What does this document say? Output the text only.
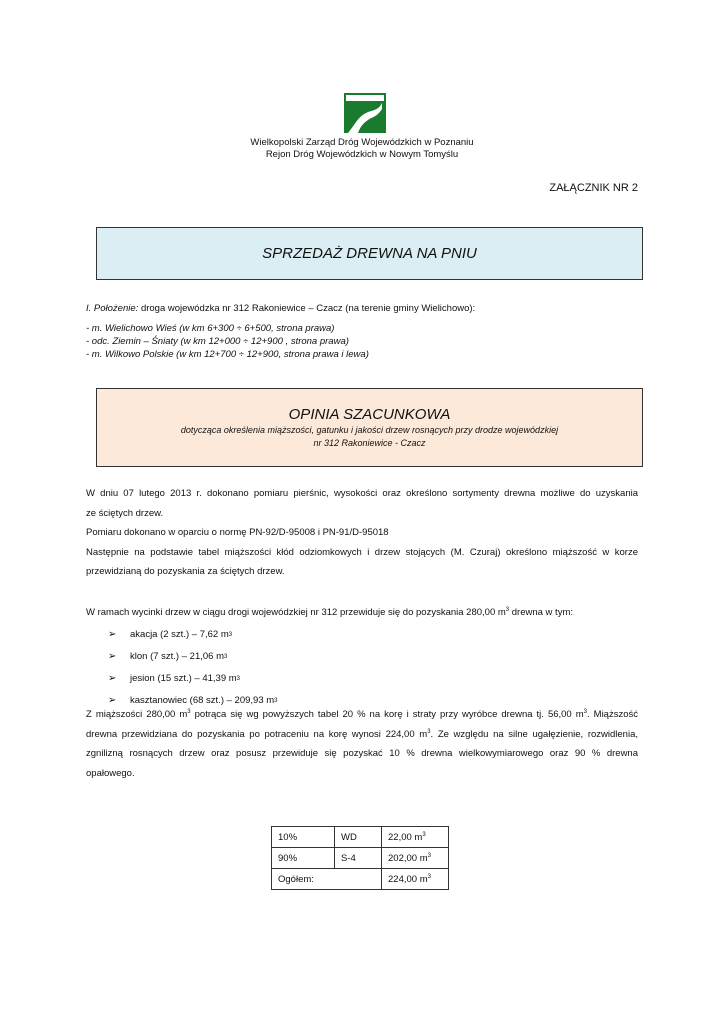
Wielkopolski Zarząd Dróg Wojewódzkich w Poznaniu
Rejon Dróg Wojewódzkich w Nowym Tomyślu
ZAŁĄCZNIK NR 2
SPRZEDAŻ DREWNA NA PNIU
I. Położenie: droga wojewódzka nr 312 Rakoniewice – Czacz (na terenie gminy Wielichowo):
- m. Wielichowo Wieś (w km 6+300 ÷ 6+500, strona prawa)
- odc. Ziemin – Śniaty (w km 12+000 ÷ 12+900 , strona prawa)
- m. Wilkowo Polskie (w km 12+700 ÷ 12+900, strona prawa i lewa)
OPINIA SZACUNKOWA
dotycząca określenia miąższości, gatunku i jakości drzew rosnących przy drodze wojewódzkiej
nr 312 Rakoniewice - Czacz
W dniu 07 lutego 2013 r. dokonano pomiaru pierśnic, wysokości oraz określono sortymenty drewna możliwe do uzyskania
ze ściętych drzew.
Pomiaru dokonano w oparciu o normę PN-92/D-95008 i PN-91/D-95018
Następnie na podstawie tabel miąższości kłód odziomkowych i drzew stojących (M. Czuraj) określono miąższość w korze
przewidzianą do pozyskania za ściętych drzew.
W ramach wycinki drzew w ciągu drogi wojewódzkiej nr 312 przewiduje się do pozyskania 280,00 $m^3$ drewna w tym:
➢	akacja (2 szt.) – 7,62 m 3
➢	klon (7 szt.) – 21,06 m 3
➢	jesion (15 szt.) – 41,39 m 3
➢	kasztanowiec (68 szt.) – 209,93 m 3
Z miąższości 280,00 $m^3$ potrąca się wg powyższych tabel 20 % na korę i straty przy wyróbce drewna tj. 56,00 $m^3$. Miąższość
drewna przewidziana do pozyskania po potraceniu na korę wynosi 224,00 $m^3$. Ze względu na silne ugałęzienie, rozwidlenia,
zgnilizną rosnących drzew oraz posusz przewiduje się pozyskać 10 % drewna wielkowymiarowego oraz 90 % drewna
opałowego.
10%	WD	22,00 $m^3$
90%	S-4	202,00 $m^3$
Ogółem:		224,00 $m^3$
